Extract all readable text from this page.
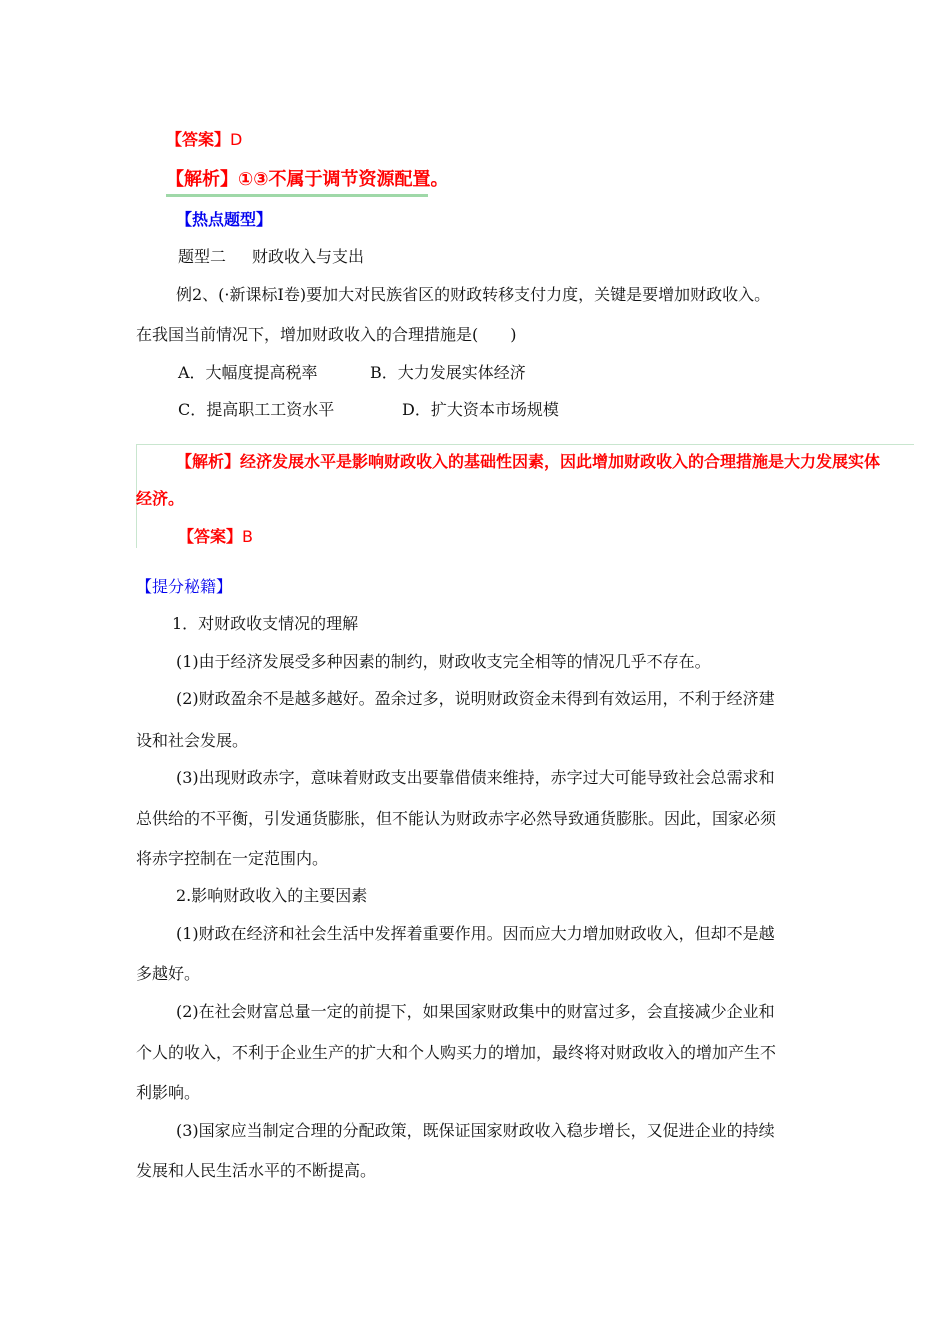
【答案】D
【解析】①③不属于调节资源配置。
【热点题型】
题型二 财政收入与支出
例2、(·新课标Ⅰ卷)要加大对民族省区的财政转移支付力度，关键是要增加财政收入。
在我国当前情况下，增加财政收入的合理措施是(　　)
A．大幅度提高税率	B．大力发展实体经济
C．提高职工工资水平	D．扩大资本市场规模
【解析】经济发展水平是影响财政收入的基础性因素，因此增加财政收入的合理措施是大力发展实体
经济。
【答案】B
【提分秘籍】
1．对财政收支情况的理解
(1)由于经济发展受多种因素的制约，财政收支完全相等的情况几乎不存在。
(2)财政盈余不是越多越好。盈余过多，说明财政资金未得到有效运用，不利于经济建
设和社会发展。
(3)出现财政赤字，意味着财政支出要靠借债来维持，赤字过大可能导致社会总需求和
总供给的不平衡，引发通货膨胀，但不能认为财政赤字必然导致通货膨胀。因此，国家必须
将赤字控制在一定范围内。
2.影响财政收入的主要因素
(1)财政在经济和社会生活中发挥着重要作用。因而应大力增加财政收入，但却不是越
多越好。
(2)在社会财富总量一定的前提下，如果国家财政集中的财富过多，会直接减少企业和
个人的收入，不利于企业生产的扩大和个人购买力的增加，最终将对财政收入的增加产生不
利影响。
(3)国家应当制定合理的分配政策，既保证国家财政收入稳步增长，又促进企业的持续
发展和人民生活水平的不断提高。
